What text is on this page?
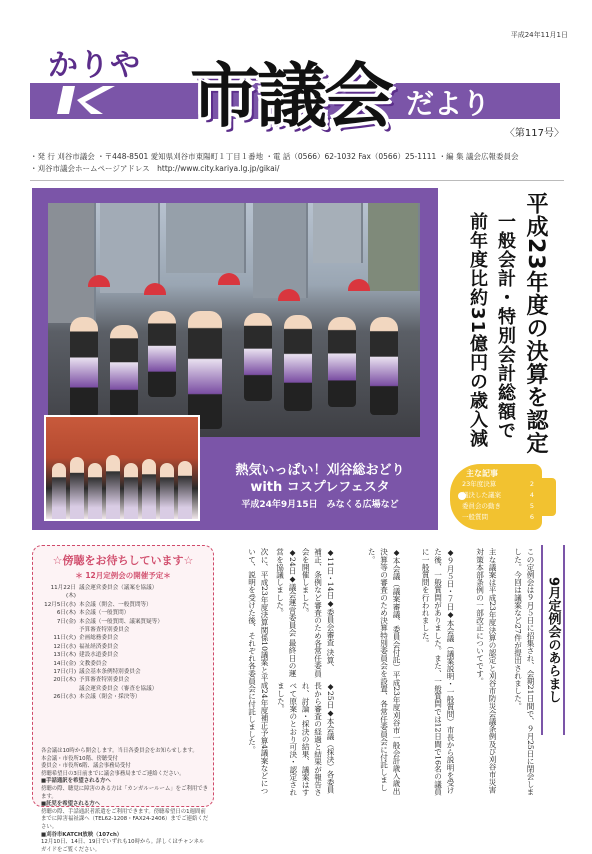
平成24年11月1日
かりや 市議会 だより
〈第117号〉
・発 行 刈谷市議会 ・〒448-8501 愛知県刈谷市東陽町１丁目１番地 ・電 話（0566）62-1032 Fax（0566）25-1111 ・編 集 議会広報委員会
・刈谷市議会ホームページアドレス　http://www.city.kariya.lg.jp/gikai/
熱気いっぱい！刈谷総おどり
with コスプレフェスタ
平成24年9月15日　みなくる広場など
平成23年度の決算を認定
一般会計・特別会計総額で
前年度比約31億円の歳入減
主な記事
23年度決算	2
議決した議案	4
委員会の動き	5
一般質問	6
☆傍聴をお待ちしています☆
＊ 12月定例会の開催予定＊
11月22日(木)
議会運営委員会（議案を協議）
12月5日(水) 本会議（開会、一般質問等）
6日(木) 本会議（一般質問）
7日(金) 本会議（一般質問、議案質疑等）
予算審査特別委員会
11日(火) 企画総務委員会
12日(水) 福祉経済委員会
13日(木) 建設水道委員会
14日(金) 文教委員会
17日(月) 議会基本条例特別委員会
20日(木) 予算審査特別委員会
議会運営委員会（審査を協議）
26日(水) 本会議（閉会・採決等）
各会議は10時から開会します。当日各委員会をお知らせします。
本会議・市役所10階、傍聴受付
委員会・市役所6階、議会事務局受付
傍聴希望日の3日前までに議会事務局までご連絡ください。
■手話通訳を希望される方へ
傍聴の際、聴覚に障害のある方は「カンガルールーム」をご利用できます。
■託児を希望される方へ
傍聴の際、手話通訳者派遣をご利用できます。傍聴希望日の1週間前までに障害福祉課へ（TEL62-1208・FAX24-2406）までご連絡ください。
■刈谷市KATCH放映（107ch）
12月10日、14日、19日でいずれも10時から。詳しくはチャンネルガイドをご覧ください。
9月定例会のあらまし
この定例会は９月５日に招集され、会期21日間で、９月25日に閉会しました。今回は議案など27件が提出されました。
主な議案は平成23年度決算の認定と刈谷市防災会議条例及び刈谷市災害対策本部条例の一部改正についてです。
◆９月５日・７日◆本会議（議案説明・一般質問）市長から説明を受けた後、一般質問がありました。また、一般質問では12日間で16名の議員に一般質問を行われました。
◆本会議（議案審議、委員会付託）平成23年度刈谷市一般会計歳入歳出決算等の審査のため決算特別委員会を設置、各常任委員会に付託しました。
次に、平成23年度決算関係10議案と平成24年度補正予算4議案などについて、説明を受けた後、それぞれ各委員会に付託しました。	◆11日・14日◆委員会審査 決算、補正、条例など審査のため各常任委員会を開催しました。
◆24日◆議会運営委員会 最終日の運営を協議しました。
◆25日◆本会議（採決）各委員長から審査の経過と結果が報告され、討論・採決の結果、議案はすべて原案のとおり可決・認定されました。
